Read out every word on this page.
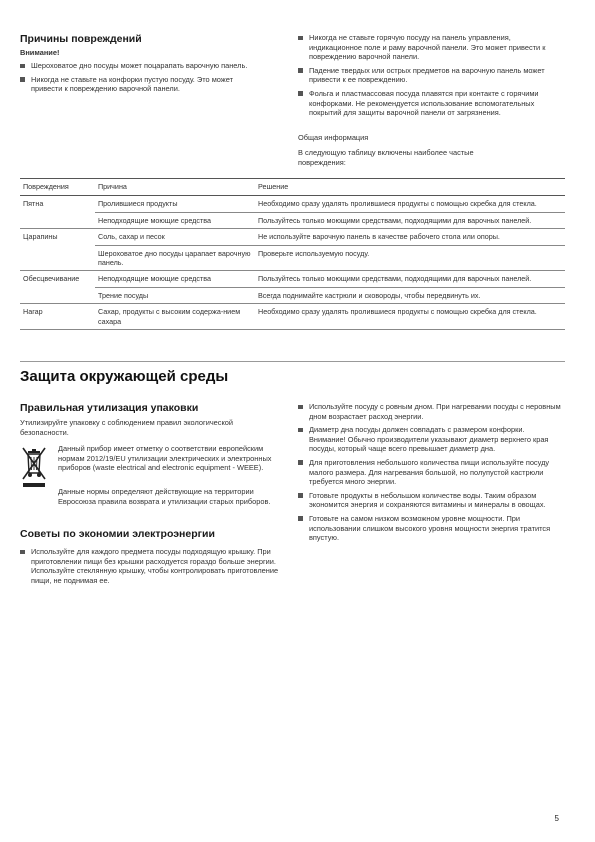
Причины повреждений
Внимание!
Шероховатое дно посуды может поцарапать варочную панель.
Никогда не ставьте на конфорки пустую посуду. Это может привести к повреждению варочной панели.
Никогда не ставьте горячую посуду на панель управления, индикационное поле и раму варочной панели. Это может привести к повреждению варочной панели.
Падение твердых или острых предметов на варочную панель может привести к ее повреждению.
Фольга и пластмассовая посуда плавятся при контакте с горячими конфорками. Не рекомендуется использование вспомогательных покрытий для защиты варочной панели от загрязнения.
Общая информация
В следующую таблицу включены наиболее частые повреждения:
Повреждения	Причина	Решение
Пятна	Пролившиеся продукты	Необходимо сразу удалять пролившиеся продукты с помощью скребка для стекла.
	Неподходящие моющие средства	Пользуйтесь только моющими средствами, подходящими для варочных панелей.
Царапины	Соль, сахар и песок	Не используйте варочную панель в качестве рабочего стола или опоры.
	Шероховатое дно посуды царапает варочную панель.	Проверьте используемую посуду.
Обесцвечивание	Неподходящие моющие средства	Пользуйтесь только моющими средствами, подходящими для варочных панелей.
	Трение посуды	Всегда поднимайте кастрюли и сковороды, чтобы передвинуть их.
Нагар	Сахар, продукты с высоким содержа-нием сахара	Необходимо сразу удалять пролившиеся продукты с помощью скребка для стекла.
Защита окружающей среды
Правильная утилизация упаковки
Утилизируйте упаковку с соблюдением правил экологической безопасности.
Данный прибор имеет отметку о соответствии европейским нормам 2012/19/EU утилизации электрических и электронных приборов (waste electrical and electronic equipment - WEEE).
Данные нормы определяют действующие на территории Евросоюза правила возврата и утилизации старых приборов.
Советы по экономии электроэнергии
Используйте для каждого предмета посуды подходящую крышку. При приготовлении пищи без крышки расходуется гораздо больше энергии. Используйте стеклянную крышку, чтобы контролировать приготовление пищи, не поднимая ее.
Используйте посуду с ровным дном. При нагревании посуды с неровным дном возрастает расход энергии.
Диаметр дна посуды должен совпадать с размером конфорки. Внимание! Обычно производители указывают диаметр верхнего края посуды, который чаще всего превышает диаметр дна.
Для приготовления небольшого количества пищи используйте посуду малого размера. Для нагревания большой, но полупустой кастрюли требуется много энергии.
Готовьте продукты в небольшом количестве воды. Таким образом экономится энергия и сохраняются витамины и минералы в овощах.
Готовьте на самом низком возможном уровне мощности. При использовании слишком высокого уровня мощности энергия тратится впустую.
5
